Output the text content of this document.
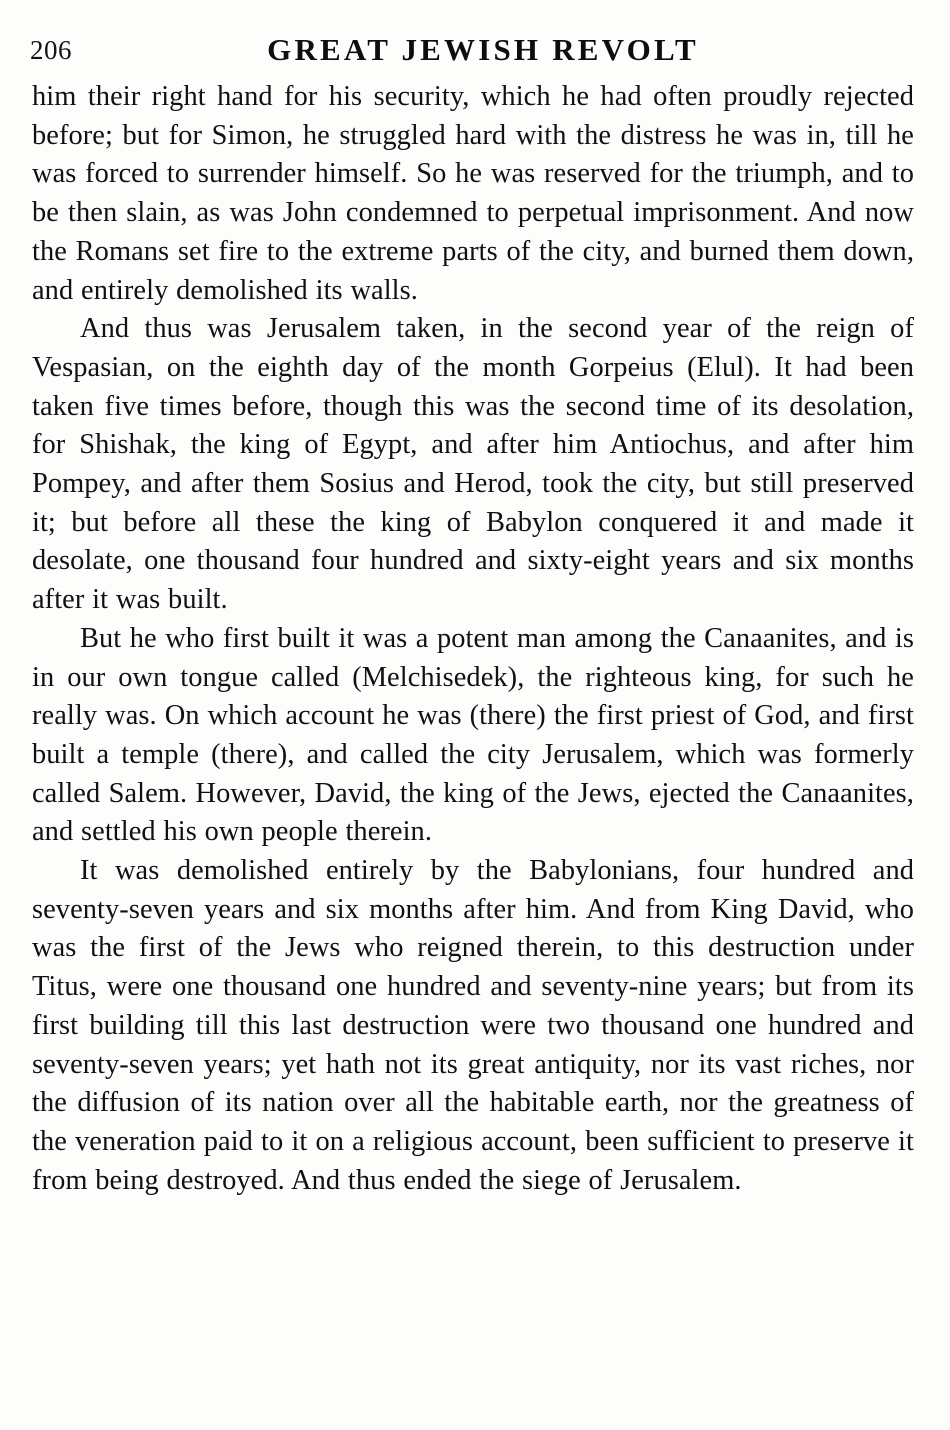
206	GREAT JEWISH REVOLT

him their right hand for his security, which he had often proudly rejected before; but for Simon, he struggled hard with the distress he was in, till he was forced to surrender himself. So he was reserved for the triumph, and to be then slain, as was John condemned to perpetual imprisonment. And now the Romans set fire to the extreme parts of the city, and burned them down, and entirely demolished its walls.

And thus was Jerusalem taken, in the second year of the reign of Vespasian, on the eighth day of the month Gorpeius (Elul). It had been taken five times before, though this was the second time of its desolation, for Shishak, the king of Egypt, and after him Antiochus, and after him Pompey, and after them Sosius and Herod, took the city, but still preserved it; but before all these the king of Babylon conquered it and made it desolate, one thousand four hundred and sixty-eight years and six months after it was built.

But he who first built it was a potent man among the Canaanites, and is in our own tongue called (Melchisedek), the righteous king, for such he really was. On which account he was (there) the first priest of God, and first built a temple (there), and called the city Jerusalem, which was formerly called Salem. However, David, the king of the Jews, ejected the Canaanites, and settled his own people therein.

It was demolished entirely by the Babylonians, four hundred and seventy-seven years and six months after him. And from King David, who was the first of the Jews who reigned therein, to this destruction under Titus, were one thousand one hundred and seventy-nine years; but from its first building till this last destruction were two thousand one hundred and seventy-seven years; yet hath not its great antiquity, nor its vast riches, nor the diffusion of its nation over all the habitable earth, nor the greatness of the veneration paid to it on a religious account, been sufficient to preserve it from being destroyed. And thus ended the siege of Jerusalem.
